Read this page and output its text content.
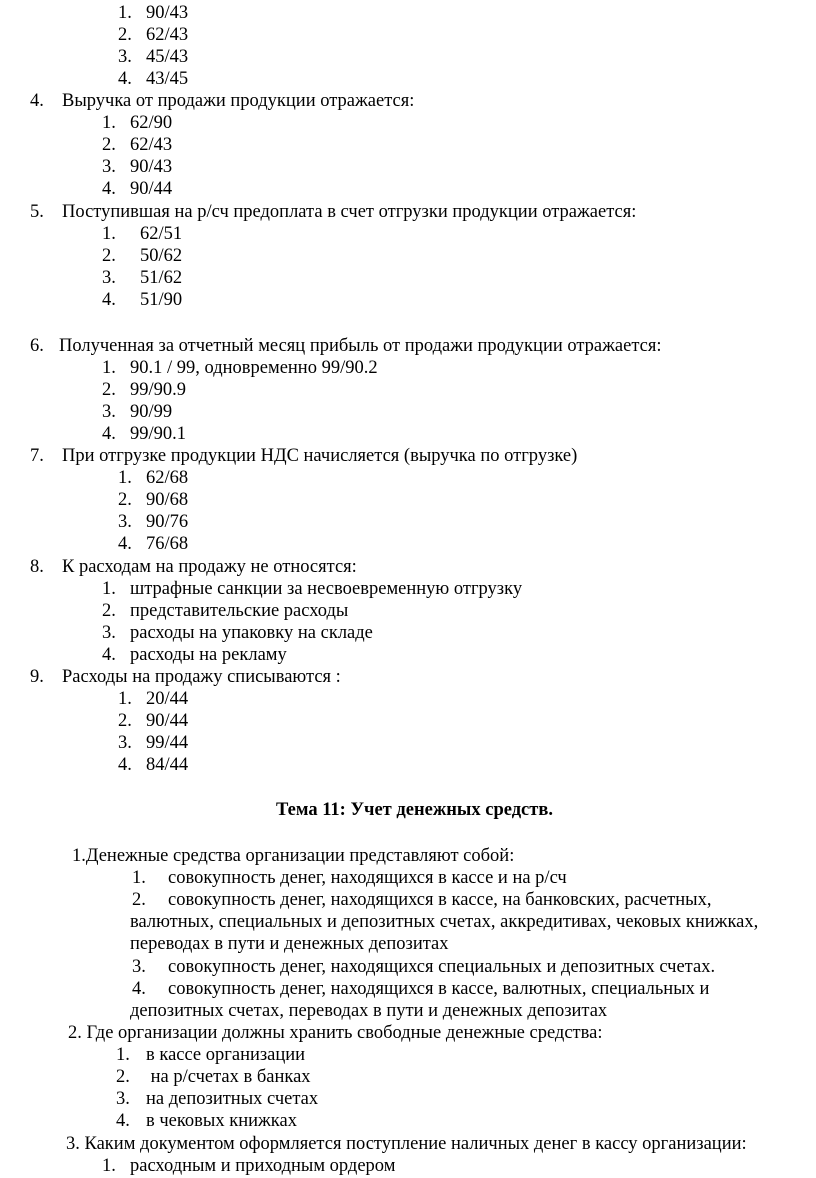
1. 90/43
2. 62/43
3. 45/43
4. 43/45
4. Выручка от продажи продукции отражается:
1. 62/90
2. 62/43
3. 90/43
4. 90/44
5. Поступившая на р/сч предоплата в счет отгрузки продукции отражается:
1. 62/51
2. 50/62
3. 51/62
4. 51/90
6. Полученная за отчетный месяц прибыль от продажи продукции отражается:
1. 90.1 / 99, одновременно 99/90.2
2. 99/90.9
3. 90/99
4. 99/90.1
7. При отгрузке продукции НДС начисляется (выручка по отгрузке)
1. 62/68
2. 90/68
3. 90/76
4. 76/68
8. К расходам на продажу не относятся:
1. штрафные санкции за несвоевременную отгрузку
2. представительские расходы
3. расходы на упаковку на складе
4. расходы на рекламу
9. Расходы на продажу списываются :
1. 20/44
2. 90/44
3. 99/44
4. 84/44
Тема 11: Учет денежных средств.
1.Денежные средства организации представляют собой:
1. совокупность денег, находящихся в кассе и на р/сч
2. совокупность денег, находящихся в кассе, на банковских, расчетных,
валютных, специальных и депозитных счетах, аккредитивах, чековых книжках,
переводах в пути и денежных депозитах
3. совокупность денег, находящихся специальных и депозитных счетах.
4. совокупность денег, находящихся в кассе, валютных, специальных и
депозитных счетах, переводах в пути и денежных депозитах
2. Где организации должны хранить свободные денежные средства:
1. в кассе организации
2. на р/счетах в банках
3. на депозитных счетах
4. в чековых книжках
3. Каким документом оформляется поступление наличных денег в кассу организации:
1. расходным и приходным ордером
